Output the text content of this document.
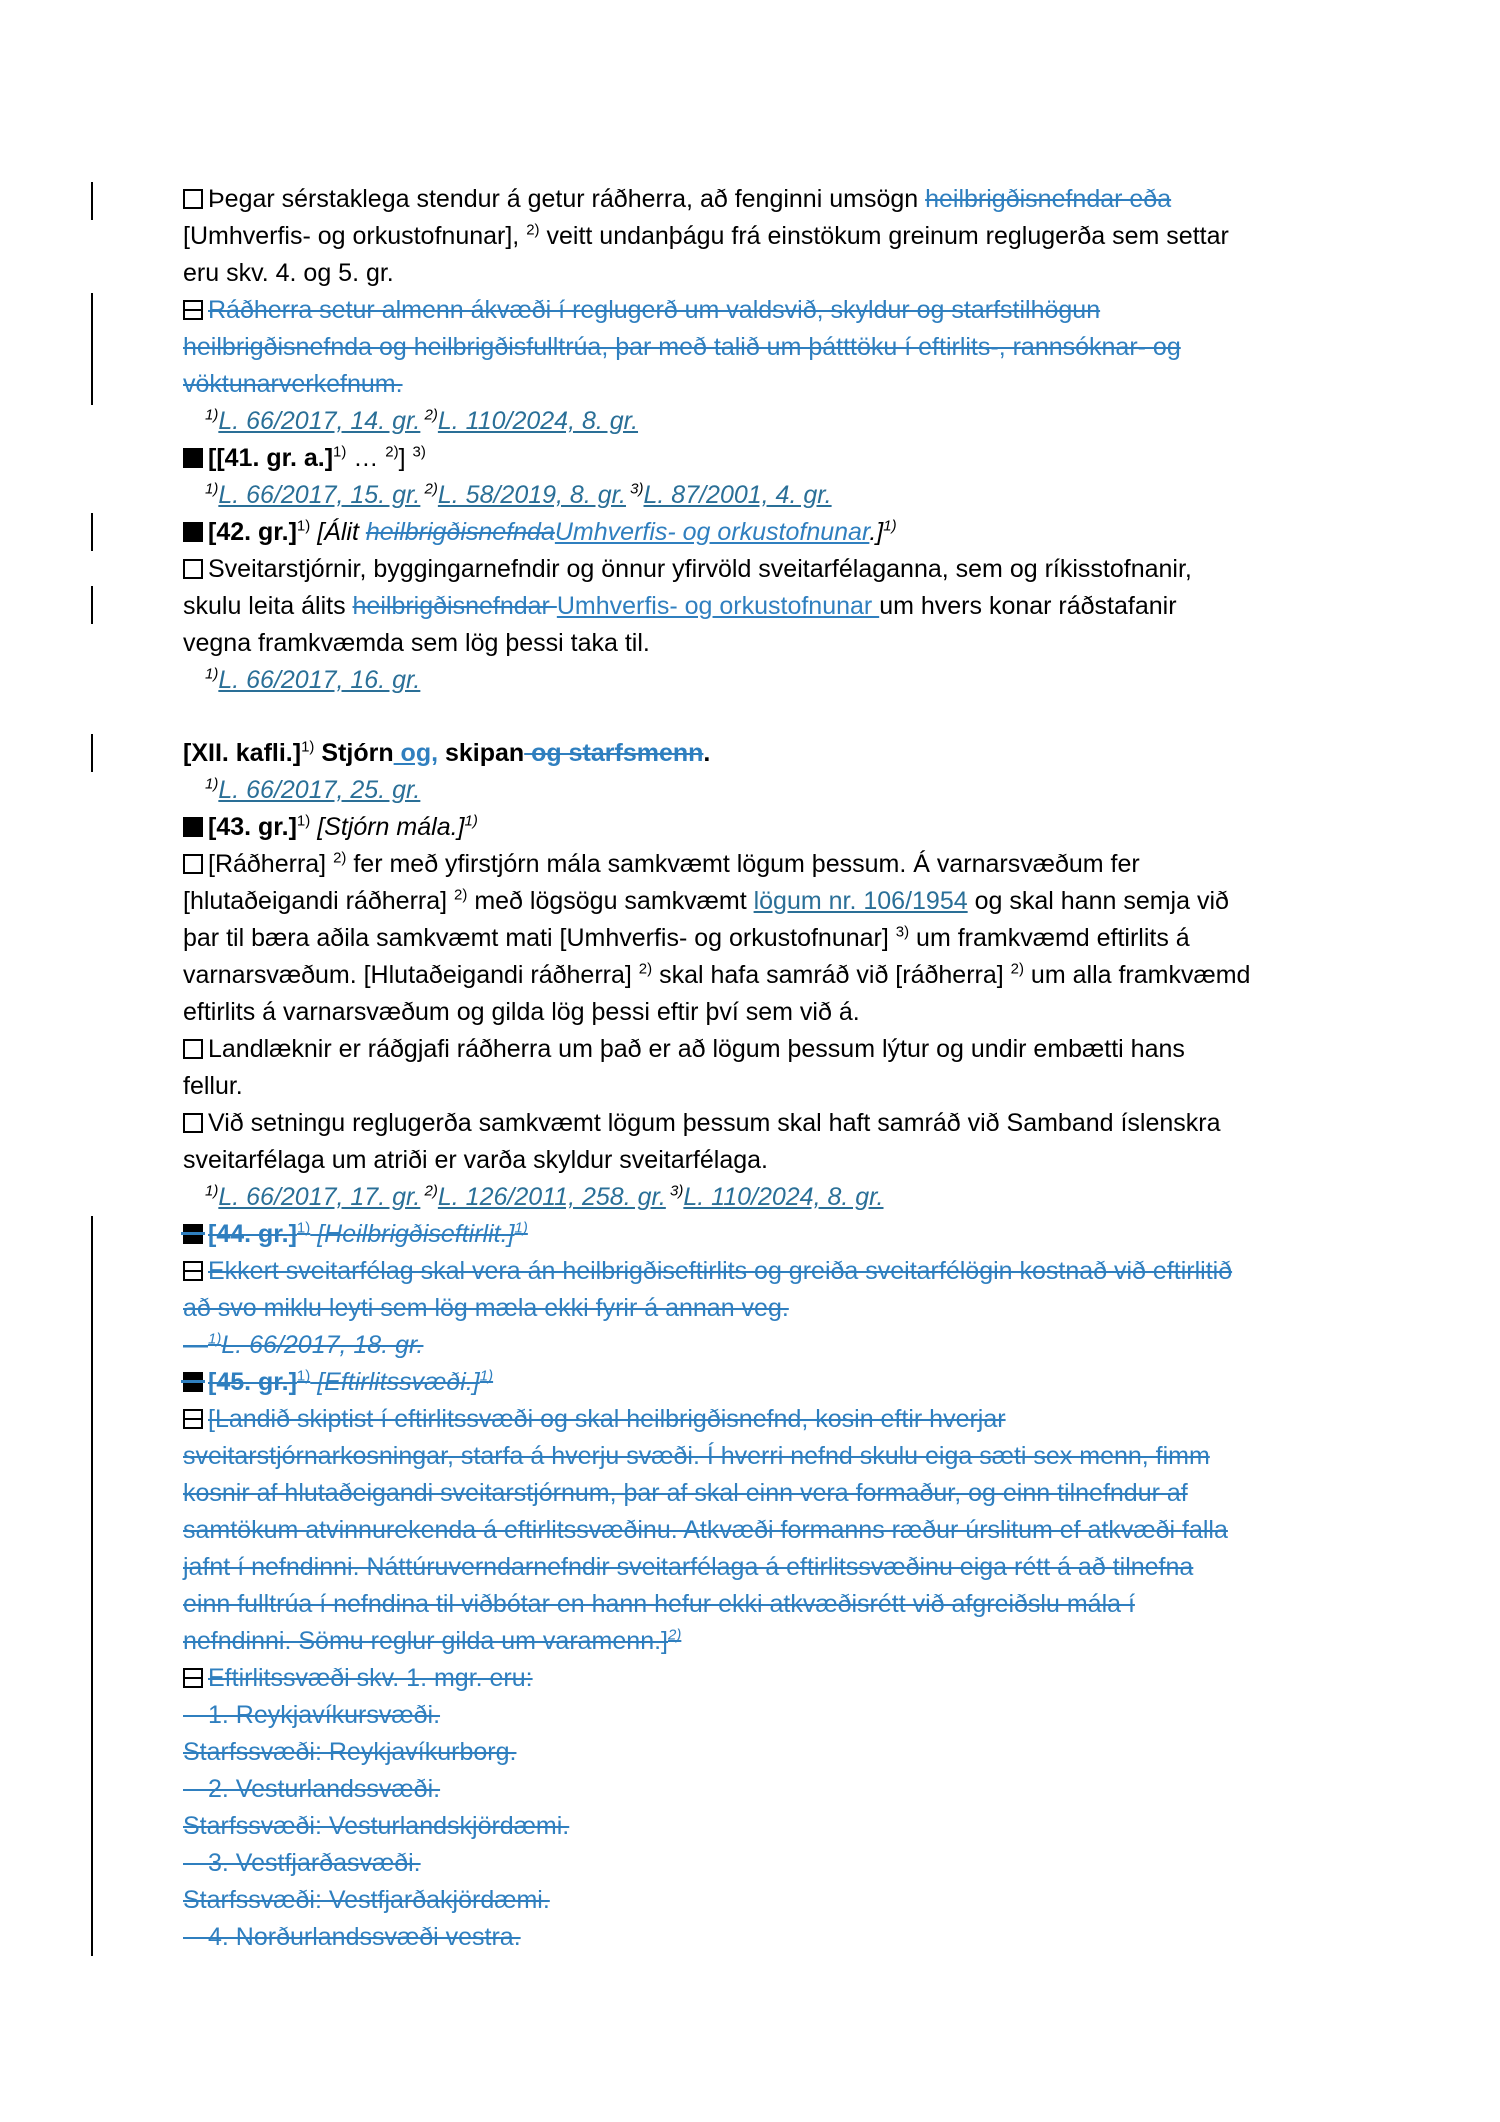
Þegar sérstaklega stendur á getur ráðherra, að fenginni umsögn heilbrigðisnefndar eða
[Umhverfis- og orkustofnunar], $^{2)}$ veitt undanþágu frá einstökum greinum reglugerða sem settar
eru skv. 4. og 5. gr.
Ráðherra setur almenn ákvæði í reglugerð um valdsvið, skyldur og starfstilhögun
heilbrigðisnefnda og heilbrigðisfulltrúa, þar með talið um þátttöku í eftirlits-, rannsóknar- og
vöktunarverkefnum.
$^{1)}$L. 66/2017, 14. gr. $^{2)}$L. 110/2024, 8. gr.
[[41. gr. a.]$^{1)}$ … $^{2)}$] $^{3)}$
$^{1)}$L. 66/2017, 15. gr. $^{2)}$L. 58/2019, 8. gr. $^{3)}$L. 87/2001, 4. gr.
[42. gr.]$^{1)}$ [Álit heilbrigðisnefndaUmhverfis- og orkustofnunar.]$^{1)}$
Sveitarstjórnir, byggingarnefndir og önnur yfirvöld sveitarfélaganna, sem og ríkisstofnanir,
skulu leita álits heilbrigðisnefndar Umhverfis- og orkustofnunar um hvers konar ráðstafanir
vegna framkvæmda sem lög þessi taka til.
$^{1)}$L. 66/2017, 16. gr.
[XII. kafli.]$^{1)}$ Stjórn og, skipan og starfsmenn.
$^{1)}$L. 66/2017, 25. gr.
[43. gr.]$^{1)}$ [Stjórn mála.]$^{1)}$
[Ráðherra] $^{2)}$ fer með yfirstjórn mála samkvæmt lögum þessum. Á varnarsvæðum fer
[hlutaðeigandi ráðherra] $^{2)}$ með lögsögu samkvæmt lögum nr. 106/1954 og skal hann semja við
þar til bæra aðila samkvæmt mati [Umhverfis- og orkustofnunar] $^{3)}$ um framkvæmd eftirlits á
varnarsvæðum. [Hlutaðeigandi ráðherra] $^{2)}$ skal hafa samráð við [ráðherra] $^{2)}$ um alla framkvæmd
eftirlits á varnarsvæðum og gilda lög þessi eftir því sem við á.
Landlæknir er ráðgjafi ráðherra um það er að lögum þessum lýtur og undir embætti hans
fellur.
Við setningu reglugerða samkvæmt lögum þessum skal haft samráð við Samband íslenskra
sveitarfélaga um atriði er varða skyldur sveitarfélaga.
$^{1)}$L. 66/2017, 17. gr. $^{2)}$L. 126/2011, 258. gr. $^{3)}$L. 110/2024, 8. gr.
[44. gr.]$^{1)}$ [Heilbrigðiseftirlit.]$^{1)}$
Ekkert sveitarfélag skal vera án heilbrigðiseftirlits og greiða sveitarfélögin kostnað við eftirlitið
að svo miklu leyti sem lög mæla ekki fyrir á annan veg.
—$^{1)}$L. 66/2017, 18. gr.
[45. gr.]$^{1)}$ [Eftirlitssvæði.]$^{1)}$
[Landið skiptist í eftirlitssvæði og skal heilbrigðisnefnd, kosin eftir hverjar
sveitarstjórnarkosningar, starfa á hverju svæði. Í hverri nefnd skulu eiga sæti sex menn, fimm
kosnir af hlutaðeigandi sveitarstjórnum, þar af skal einn vera formaður, og einn tilnefndur af
samtökum atvinnurekenda á eftirlitssvæðinu. Atkvæði formanns ræður úrslitum ef atkvæði falla
jafnt í nefndinni. Náttúruverndarnefndir sveitarfélaga á eftirlitssvæðinu eiga rétt á að tilnefna
einn fulltrúa í nefndina til viðbótar en hann hefur ekki atkvæðisrétt við afgreiðslu mála í
nefndinni. Sömu reglur gilda um varamenn.]$^{2)}$
Eftirlitssvæði skv. 1. mgr. eru:
 1. Reykjavíkursvæði.
Starfssvæði: Reykjavíkurborg.
 2. Vesturlandssvæði.
Starfssvæði: Vesturlandskjördæmi.
 3. Vestfjarðasvæði.
Starfssvæði: Vestfjarðakjördæmi.
 4. Norðurlandssvæði vestra.
